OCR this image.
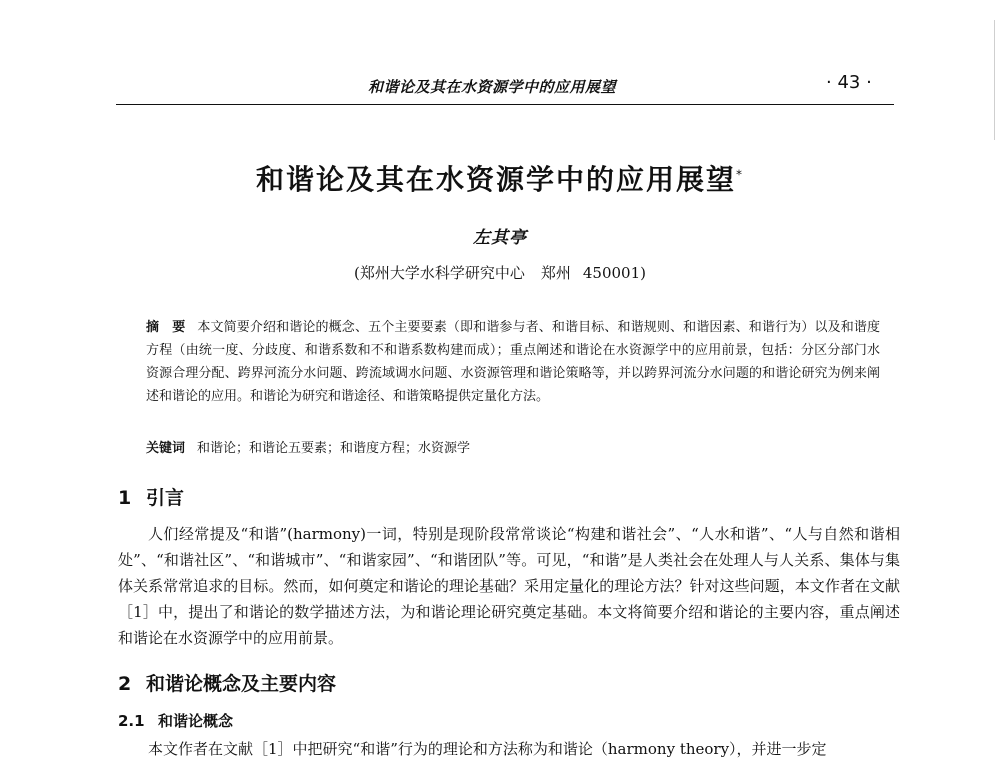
和谐论及其在水资源学中的应用展望	· 43 ·
和谐论及其在水资源学中的应用展望*
左其亭
(郑州大学水科学研究中心 郑州 450001)
摘　要 本文简要介绍和谐论的概念、五个主要要素（即和谐参与者、和谐目标、和谐规则、和谐因素、和谐行为）以及和谐度方程（由统一度、分歧度、和谐系数和不和谐系数构建而成）；重点阐述和谐论在水资源学中的应用前景，包括：分区分部门水资源合理分配、跨界河流分水问题、跨流域调水问题、水资源管理和谐论策略等，并以跨界河流分水问题的和谐论研究为例来阐述和谐论的应用。和谐论为研究和谐途径、和谐策略提供定量化方法。
关键词 和谐论；和谐论五要素；和谐度方程；水资源学
1 引言
人们经常提及“和谐”(harmony)一词，特别是现阶段常常谈论“构建和谐社会”、“人水和谐”、“人与自然和谐相处”、“和谐社区”、“和谐城市”、“和谐家园”、“和谐团队”等。可见，“和谐”是人类社会在处理人与人关系、集体与集体关系常常追求的目标。然而，如何奠定和谐论的理论基础？采用定量化的理论方法？针对这些问题，本文作者在文献［1］中，提出了和谐论的数学描述方法，为和谐论理论研究奠定基础。本文将简要介绍和谐论的主要内容，重点阐述和谐论在水资源学中的应用前景。
2 和谐论概念及主要内容
2.1 和谐论概念
本文作者在文献［1］中把研究“和谐”行为的理论和方法称为和谐论（harmony theory），并进一步定
